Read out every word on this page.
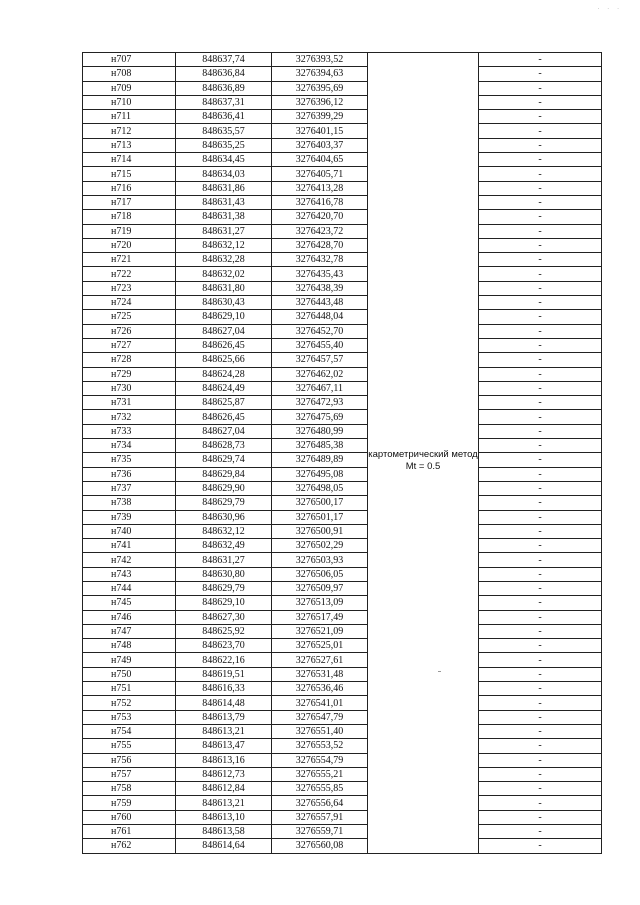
· · ·
н707	848637,74	3276393,52	картометрический метод Mt = 0.5	-
н708	848636,84	3276394,63		-
н709	848636,89	3276395,69		-
н710	848637,31	3276396,12		-
н711	848636,41	3276399,29		-
н712	848635,57	3276401,15		-
н713	848635,25	3276403,37		-
н714	848634,45	3276404,65		-
н715	848634,03	3276405,71		-
н716	848631,86	3276413,28		-
н717	848631,43	3276416,78		-
н718	848631,38	3276420,70		-
н719	848631,27	3276423,72		-
н720	848632,12	3276428,70		-
н721	848632,28	3276432,78		-
н722	848632,02	3276435,43		-
н723	848631,80	3276438,39		-
н724	848630,43	3276443,48		-
н725	848629,10	3276448,04		-
н726	848627,04	3276452,70		-
н727	848626,45	3276455,40		-
н728	848625,66	3276457,57		-
н729	848624,28	3276462,02		-
н730	848624,49	3276467,11		-
н731	848625,87	3276472,93		-
н732	848626,45	3276475,69		-
н733	848627,04	3276480,99		-
н734	848628,73	3276485,38		-
н735	848629,74	3276489,89		-
н736	848629,84	3276495,08		-
н737	848629,90	3276498,05		-
н738	848629,79	3276500,17		-
н739	848630,96	3276501,17		-
н740	848632,12	3276500,91		-
н741	848632,49	3276502,29		-
н742	848631,27	3276503,93		-
н743	848630,80	3276506,05		-
н744	848629,79	3276509,97		-
н745	848629,10	3276513,09		-
н746	848627,30	3276517,49		-
н747	848625,92	3276521,09		-
н748	848623,70	3276525,01		-
н749	848622,16	3276527,61		-
н750	848619,51	3276531,48		-
н751	848616,33	3276536,46		-
н752	848614,48	3276541,01		-
н753	848613,79	3276547,79		-
н754	848613,21	3276551,40		-
н755	848613,47	3276553,52		-
н756	848613,16	3276554,79		-
н757	848612,73	3276555,21		-
н758	848612,84	3276555,85		-
н759	848613,21	3276556,64		-
н760	848613,10	3276557,91		-
н761	848613,58	3276559,71		-
н762	848614,64	3276560,08		-
